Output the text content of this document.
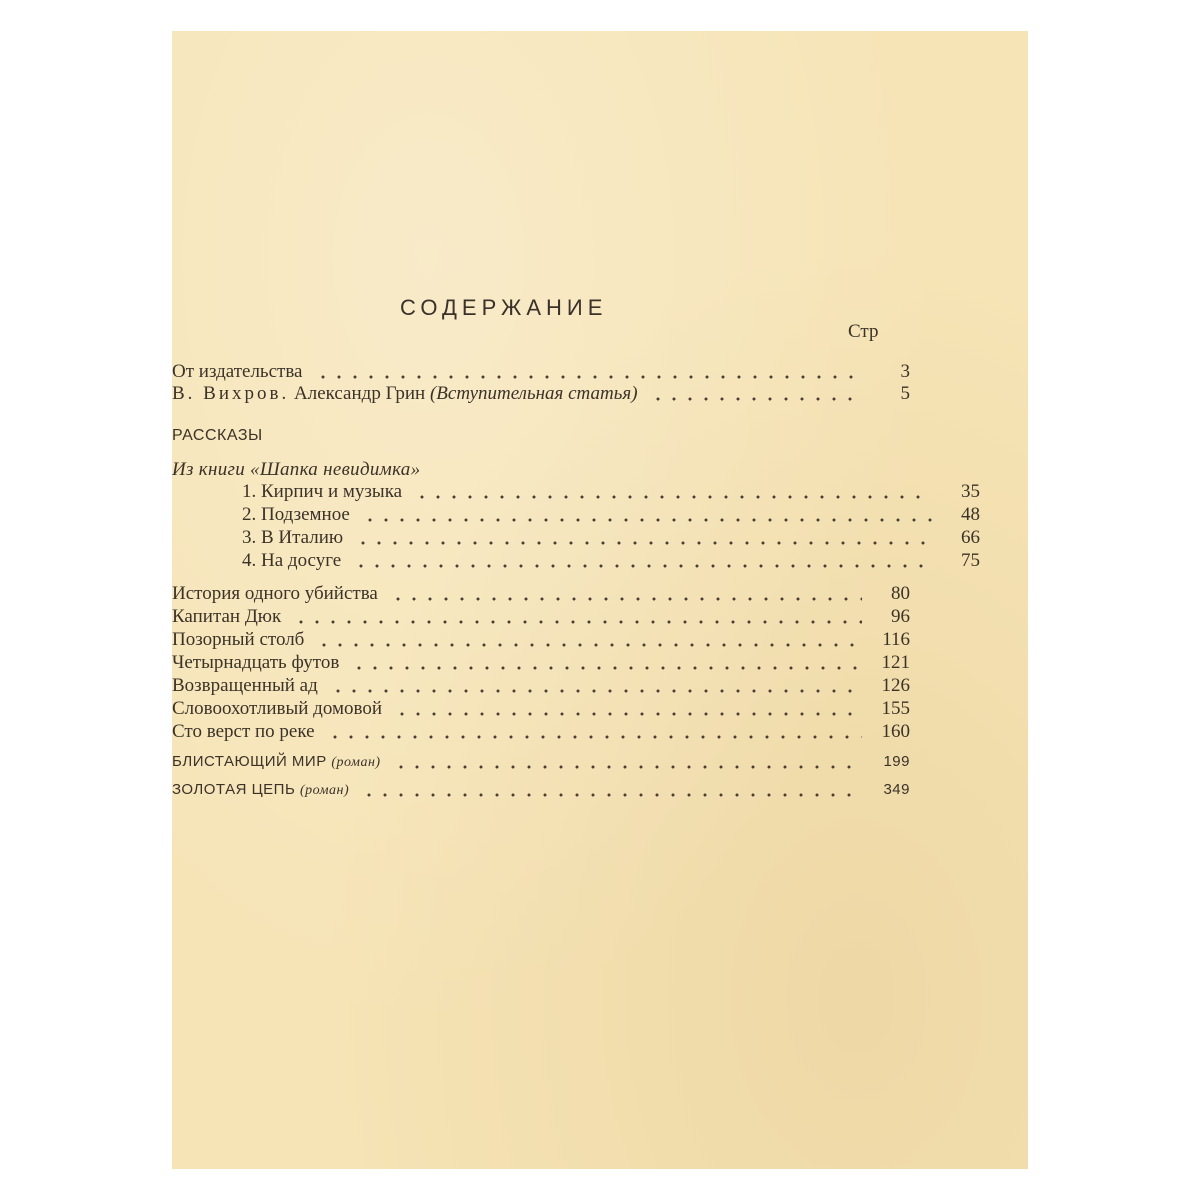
СОДЕРЖАНИЕ
Стр
От издательства	3
В. Вихров. Александр Грин (Вступительная статья)	5
РАССКАЗЫ
Из книги «Шапка невидимка»
1. Кирпич и музыка	35
2. Подземное	48
3. В Италию	66
4. На досуге	75
История одного убийства	80
Капитан Дюк	96
Позорный столб	116
Четырнадцать футов	121
Возвращенный ад	126
Словоохотливый домовой	155
Сто верст по реке	160
БЛИСТАЮЩИЙ МИР (роман)	199
ЗОЛОТАЯ ЦЕПЬ (роман)	349
